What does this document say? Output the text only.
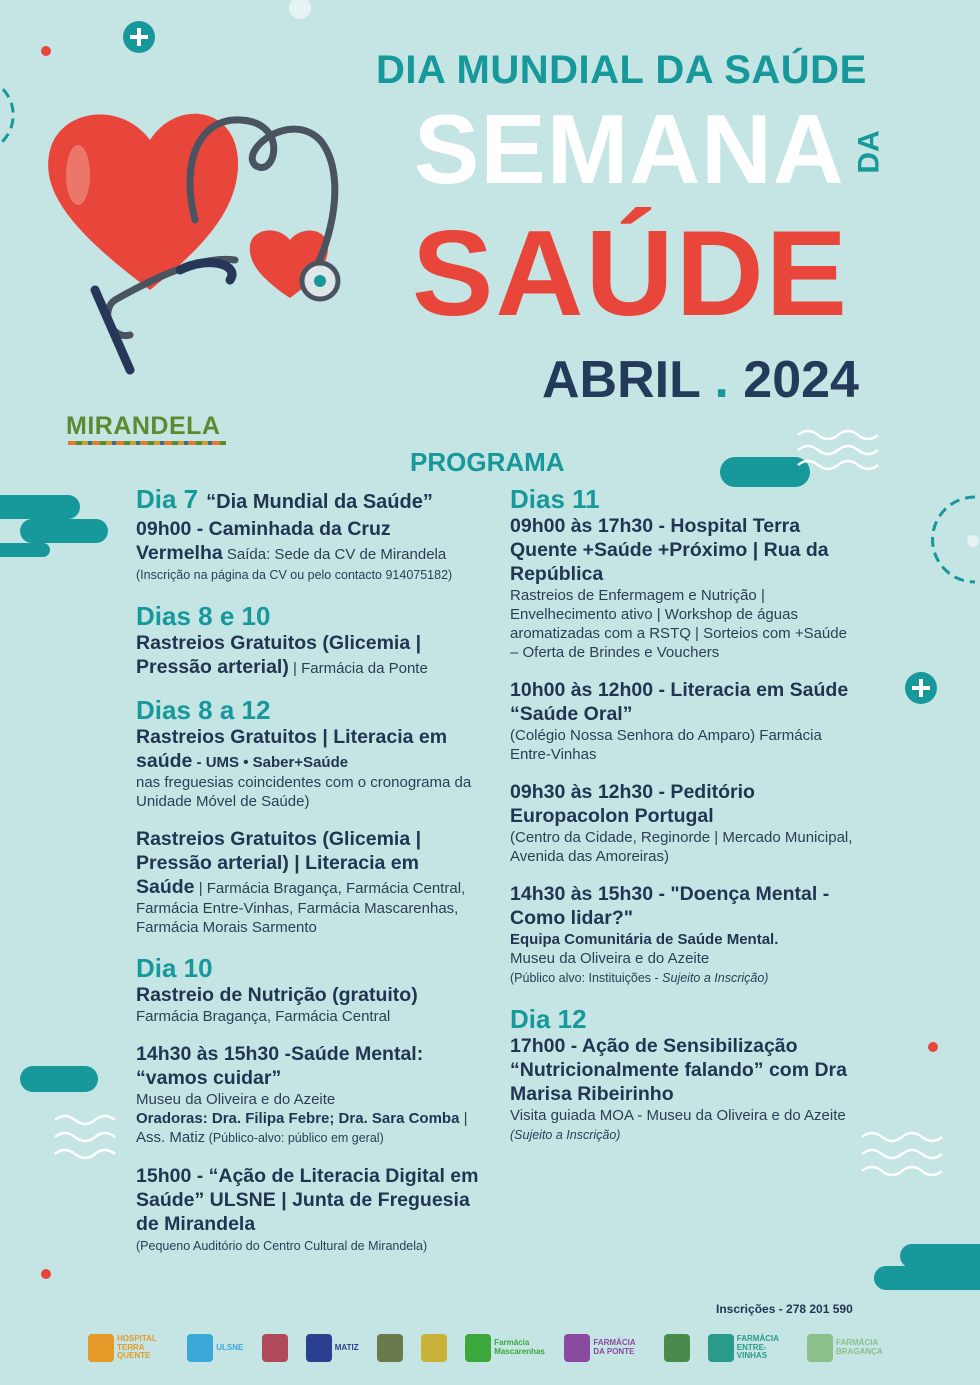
DIA MUNDIAL DA SAÚDE
SEMANA DA
SAÚDE
ABRIL . 2024
MIRANDELA
PROGRAMA
Dia 7 “Dia Mundial da Saúde”

09h00 - Caminhada da Cruz Vermelha Saída: Sede da CV de Mirandela

(Inscrição na página da CV ou pelo contacto 914075182)

Dias 8 e 10

Rastreios Gratuitos (Glicemia | Pressão arterial) | Farmácia da Ponte

Dias 8 a 12

Rastreios Gratuitos | Literacia em saúde - UMS • Saber+Saúde

nas freguesias coincidentes com o cronograma da Unidade Móvel de Saúde)

Rastreios Gratuitos (Glicemia | Pressão arterial) | Literacia em Saúde | Farmácia Bragança, Farmácia Central, Farmácia Entre-Vinhas, Farmácia Mascarenhas, Farmácia Morais Sarmento

Dia 10

Rastreio de Nutrição (gratuito)

Farmácia Bragança, Farmácia Central

14h30 às 15h30 -Saúde Mental: “vamos cuidar”

Museu da Oliveira e do Azeite

Oradoras: Dra. Filipa Febre; Dra. Sara Comba | Ass. Matiz (Público-alvo: público em geral)

15h00 - “Ação de Literacia Digital em Saúde” ULSNE | Junta de Freguesia de Mirandela

(Pequeno Auditório do Centro Cultural de Mirandela)

Dias 11

09h00 às 17h30 - Hospital Terra Quente +Saúde +Próximo | Rua da República

Rastreios de Enfermagem e Nutrição | Envelhecimento ativo | Workshop de águas aromatizadas com a RSTQ | Sorteios com +Saúde – Oferta de Brindes e Vouchers

10h00 às 12h00 - Literacia em Saúde “Saúde Oral”

(Colégio Nossa Senhora do Amparo) Farmácia Entre-Vinhas

09h30 às 12h30 - Peditório Europacolon Portugal

(Centro da Cidade, Reginorde | Mercado Municipal, Avenida das Amoreiras)

14h30 às 15h30 - "Doença Mental - Como lidar?"

Equipa Comunitária de Saúde Mental.

Museu da Oliveira e do Azeite

(Público alvo: Instituições - Sujeito a Inscrição)

Dia 12

17h00 - Ação de Sensibilização “Nutricionalmente falando” com Dra Marisa Ribeirinho

Visita guiada MOA - Museu da Oliveira e do Azeite

(Sujeito a Inscrição)

Inscrições - 278 201 590
HOSPITAL TERRA QUENTE
ULSNE	MATIZ	Farmácia Mascarenhas
FARMÁCIA DA PONTE
FARMÁCIA ENTRE-VINHAS
FARMÁCIA BRAGANÇA
